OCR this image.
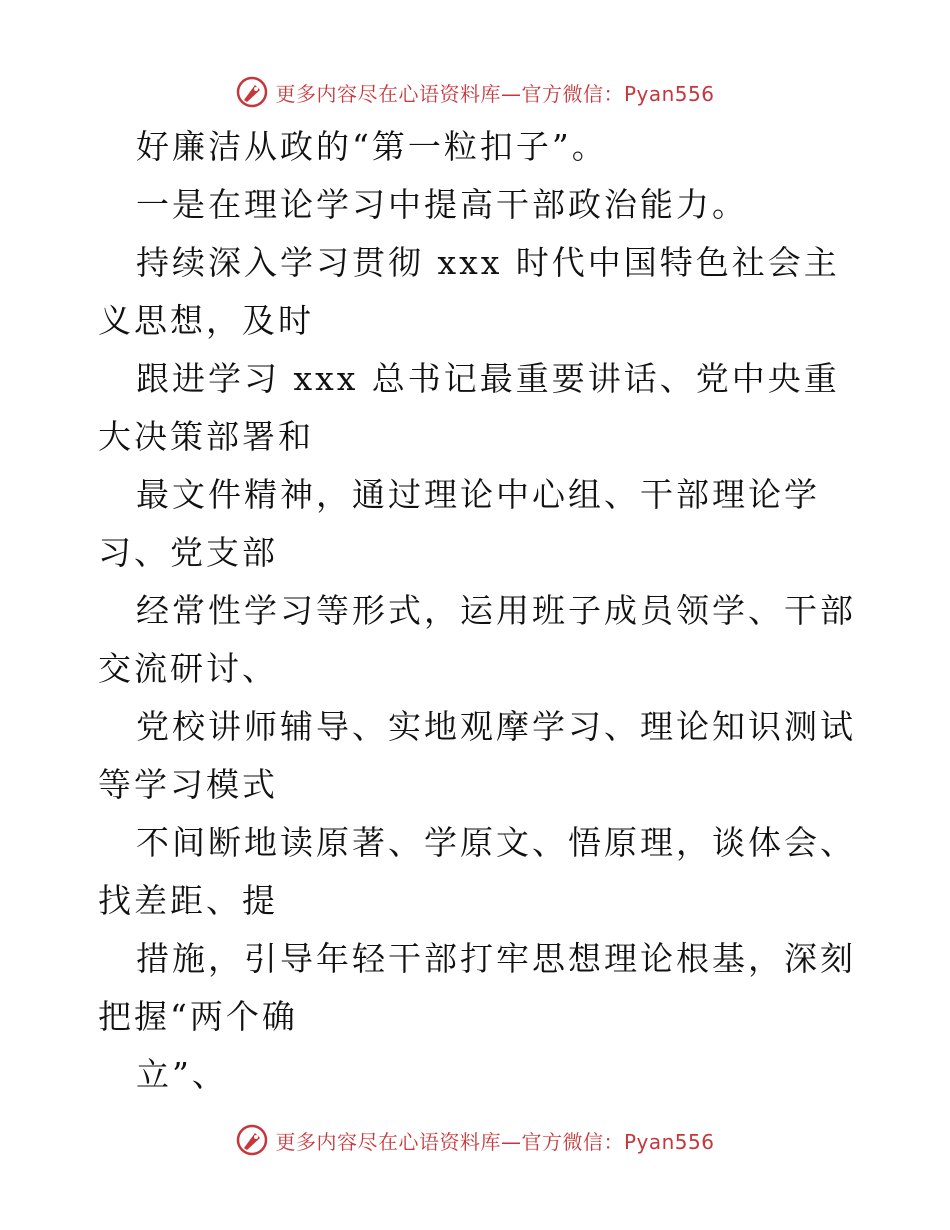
更多内容尽在心语资料库—官方微信：Pyan556

好廉洁从政的“第一粒扣子”。

一是在理论学习中提高干部政治能力。

持续深入学习贯彻 xxx 时代中国特色社会主义思想，及时

跟进学习 xxx 总书记最重要讲话、党中央重大决策部署和

最文件精神，通过理论中心组、干部理论学习、党支部

经常性学习等形式，运用班子成员领学、干部交流研讨、

党校讲师辅导、实地观摩学习、理论知识测试等学习模式

不间断地读原著、学原文、悟原理，谈体会、找差距、提

措施，引导年轻干部打牢思想理论根基，深刻把握“两个确

立”、

更多内容尽在心语资料库—官方微信：Pyan556
